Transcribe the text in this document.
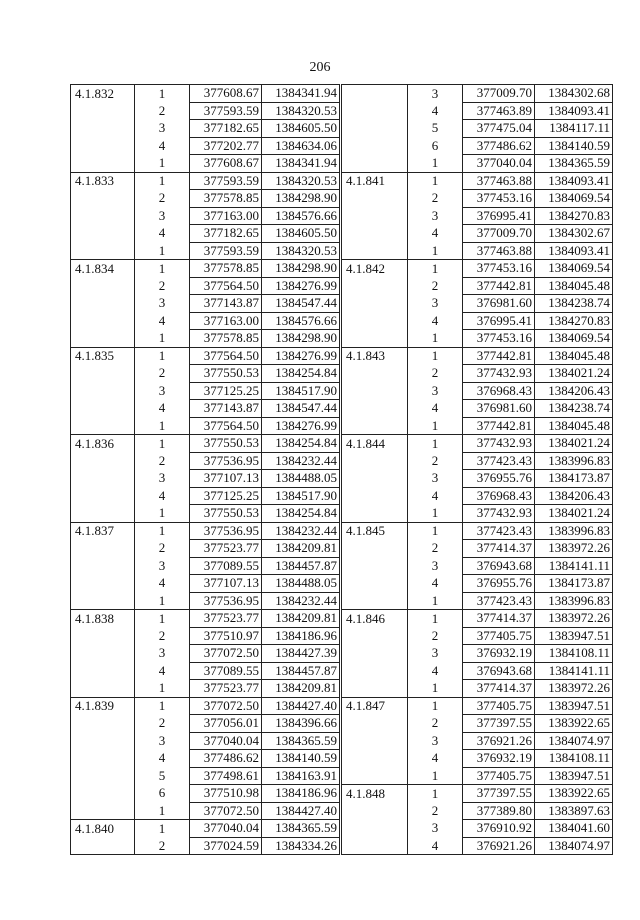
206
4.1.832	1	377608.67	1384341.94
	2	377593.59	1384320.53
	3	377182.65	1384605.50
	4	377202.77	1384634.06
	1	377608.67	1384341.94
4.1.833	1	377593.59	1384320.53
	2	377578.85	1384298.90
	3	377163.00	1384576.66
	4	377182.65	1384605.50
	1	377593.59	1384320.53
4.1.834	1	377578.85	1384298.90
	2	377564.50	1384276.99
	3	377143.87	1384547.44
	4	377163.00	1384576.66
	1	377578.85	1384298.90
4.1.835	1	377564.50	1384276.99
	2	377550.53	1384254.84
	3	377125.25	1384517.90
	4	377143.87	1384547.44
	1	377564.50	1384276.99
4.1.836	1	377550.53	1384254.84
	2	377536.95	1384232.44
	3	377107.13	1384488.05
	4	377125.25	1384517.90
	1	377550.53	1384254.84
4.1.837	1	377536.95	1384232.44
	2	377523.77	1384209.81
	3	377089.55	1384457.87
	4	377107.13	1384488.05
	1	377536.95	1384232.44
4.1.838	1	377523.77	1384209.81
	2	377510.97	1384186.96
	3	377072.50	1384427.39
	4	377089.55	1384457.87
	1	377523.77	1384209.81
4.1.839	1	377072.50	1384427.40
	2	377056.01	1384396.66
	3	377040.04	1384365.59
	4	377486.62	1384140.59
	5	377498.61	1384163.91
	6	377510.98	1384186.96
	1	377072.50	1384427.40
4.1.840	1	377040.04	1384365.59
	2	377024.59	1384334.26
	3	377009.70	1384302.68
	4	377463.89	1384093.41
	5	377475.04	1384117.11
	6	377486.62	1384140.59
	1	377040.04	1384365.59
4.1.841	1	377463.88	1384093.41
	2	377453.16	1384069.54
	3	376995.41	1384270.83
	4	377009.70	1384302.67
	1	377463.88	1384093.41
4.1.842	1	377453.16	1384069.54
	2	377442.81	1384045.48
	3	376981.60	1384238.74
	4	376995.41	1384270.83
	1	377453.16	1384069.54
4.1.843	1	377442.81	1384045.48
	2	377432.93	1384021.24
	3	376968.43	1384206.43
	4	376981.60	1384238.74
	1	377442.81	1384045.48
4.1.844	1	377432.93	1384021.24
	2	377423.43	1383996.83
	3	376955.76	1384173.87
	4	376968.43	1384206.43
	1	377432.93	1384021.24
4.1.845	1	377423.43	1383996.83
	2	377414.37	1383972.26
	3	376943.68	1384141.11
	4	376955.76	1384173.87
	1	377423.43	1383996.83
4.1.846	1	377414.37	1383972.26
	2	377405.75	1383947.51
	3	376932.19	1384108.11
	4	376943.68	1384141.11
	1	377414.37	1383972.26
4.1.847	1	377405.75	1383947.51
	2	377397.55	1383922.65
	3	376921.26	1384074.97
	4	376932.19	1384108.11
	1	377405.75	1383947.51
4.1.848	1	377397.55	1383922.65
	2	377389.80	1383897.63
	3	376910.92	1384041.60
	4	376921.26	1384074.97
